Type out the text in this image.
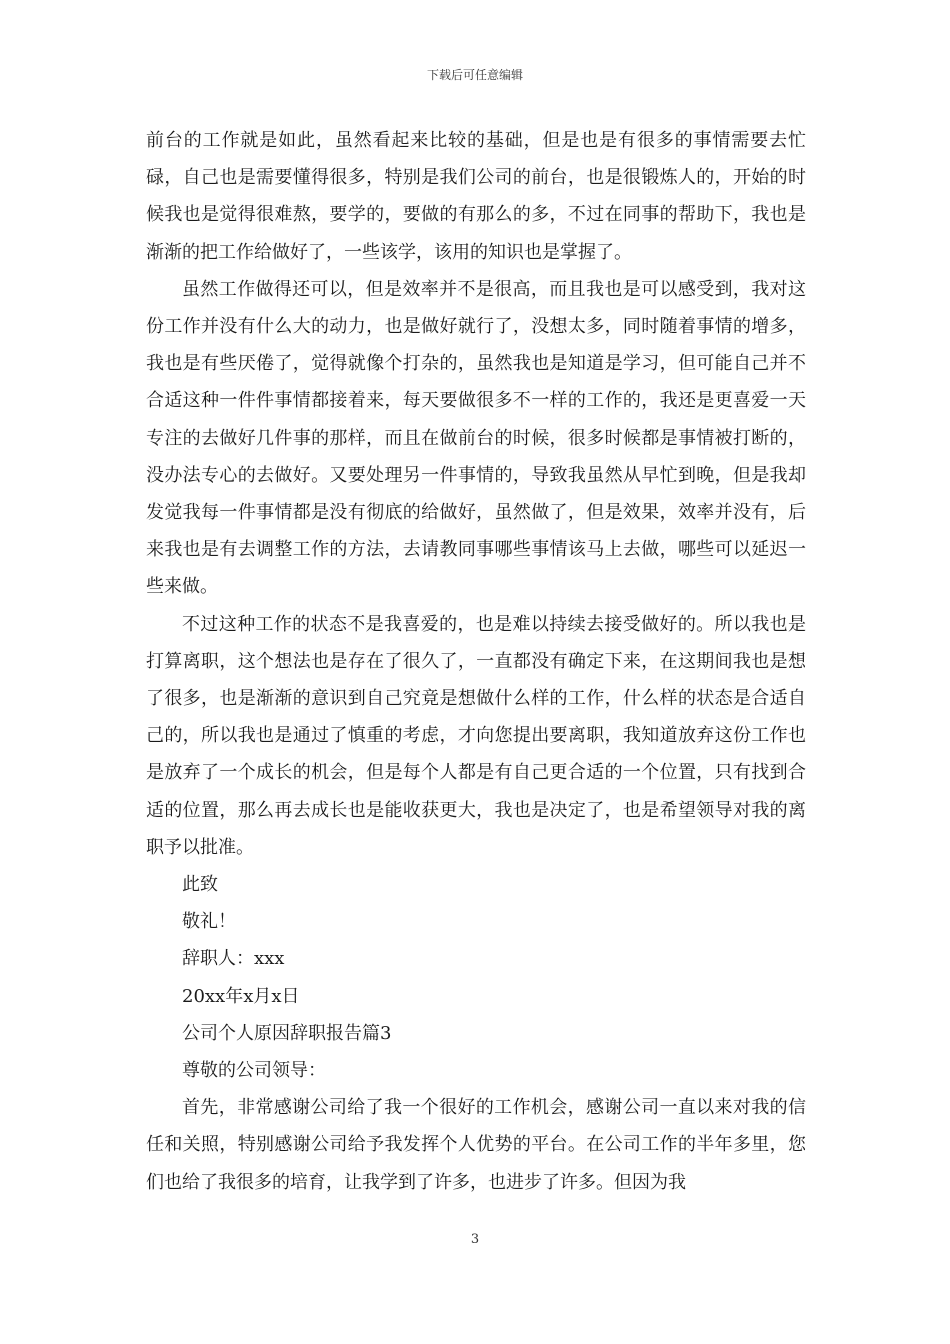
下载后可任意编辑

前台的工作就是如此，虽然看起来比较的基础，但是也是有很多的事情需要去忙碌，自己也是需要懂得很多，特别是我们公司的前台，也是很锻炼人的，开始的时候我也是觉得很难熬，要学的，要做的有那么的多，不过在同事的帮助下，我也是渐渐的把工作给做好了，一些该学，该用的知识也是掌握了。

虽然工作做得还可以，但是效率并不是很高，而且我也是可以感受到，我对这份工作并没有什么大的动力，也是做好就行了，没想太多，同时随着事情的增多，我也是有些厌倦了，觉得就像个打杂的，虽然我也是知道是学习，但可能自己并不合适这种一件件事情都接着来，每天要做很多不一样的工作的，我还是更喜爱一天专注的去做好几件事的那样，而且在做前台的时候，很多时候都是事情被打断的，没办法专心的去做好。又要处理另一件事情的，导致我虽然从早忙到晚，但是我却发觉我每一件事情都是没有彻底的给做好，虽然做了，但是效果，效率并没有，后来我也是有去调整工作的方法，去请教同事哪些事情该马上去做，哪些可以延迟一些来做。

不过这种工作的状态不是我喜爱的，也是难以持续去接受做好的。所以我也是打算离职，这个想法也是存在了很久了，一直都没有确定下来，在这期间我也是想了很多，也是渐渐的意识到自己究竟是想做什么样的工作，什么样的状态是合适自己的，所以我也是通过了慎重的考虑，才向您提出要离职，我知道放弃这份工作也是放弃了一个成长的机会，但是每个人都是有自己更合适的一个位置，只有找到合适的位置，那么再去成长也是能收获更大，我也是决定了，也是希望领导对我的离职予以批准。

此致

敬礼！

辞职人：xxx

20xx年x月x日

公司个人原因辞职报告篇3

尊敬的公司领导：

首先，非常感谢公司给了我一个很好的工作机会，感谢公司一直以来对我的信任和关照，特别感谢公司给予我发挥个人优势的平台。在公司工作的半年多里，您们也给了我很多的培育，让我学到了许多，也进步了许多。但因为我

3
